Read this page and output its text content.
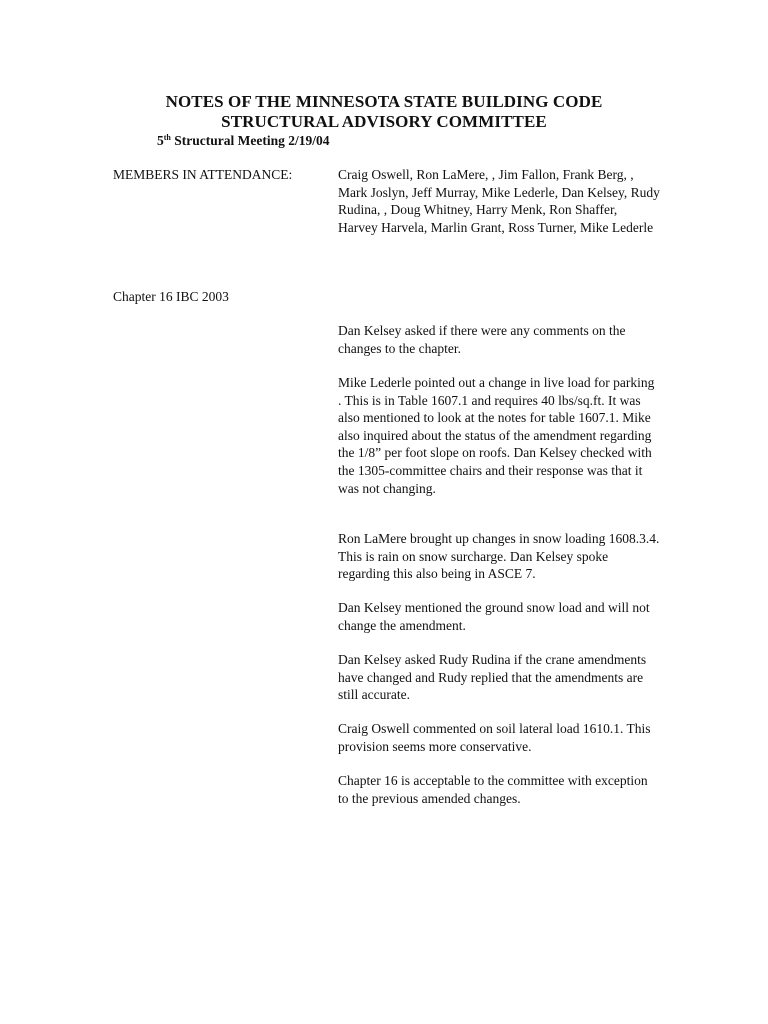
NOTES OF THE MINNESOTA STATE BUILDING CODE
STRUCTURAL ADVISORY COMMITTEE
5th Structural Meeting 2/19/04
MEMBERS IN ATTENDANCE:	Craig Oswell, Ron LaMere, , Jim Fallon, Frank Berg, , Mark Joslyn, Jeff Murray, Mike Lederle, Dan Kelsey, Rudy Rudina, , Doug Whitney, Harry Menk, Ron Shaffer, Harvey Harvela, Marlin Grant, Ross Turner, Mike Lederle
Chapter 16 IBC 2003

Dan Kelsey asked if there were any comments on the changes to the chapter.

Mike Lederle pointed out a change in live load for parking . This is in Table 1607.1 and requires 40 lbs/sq.ft. It was also mentioned to look at the notes for table 1607.1. Mike also inquired about the status of the amendment regarding the 1/8” per foot slope on roofs. Dan Kelsey checked with the 1305-committee chairs and their response was that it was not changing.

Ron LaMere brought up changes in snow loading 1608.3.4. This is rain on snow surcharge. Dan Kelsey spoke regarding this also being in ASCE 7.

Dan Kelsey mentioned the ground snow load and will not change the amendment.

Dan Kelsey asked Rudy Rudina if the crane amendments have changed and Rudy replied that the amendments are still accurate.

Craig Oswell commented on soil lateral load 1610.1. This provision seems more conservative.

Chapter 16 is acceptable to the committee with exception to the previous amended changes.
